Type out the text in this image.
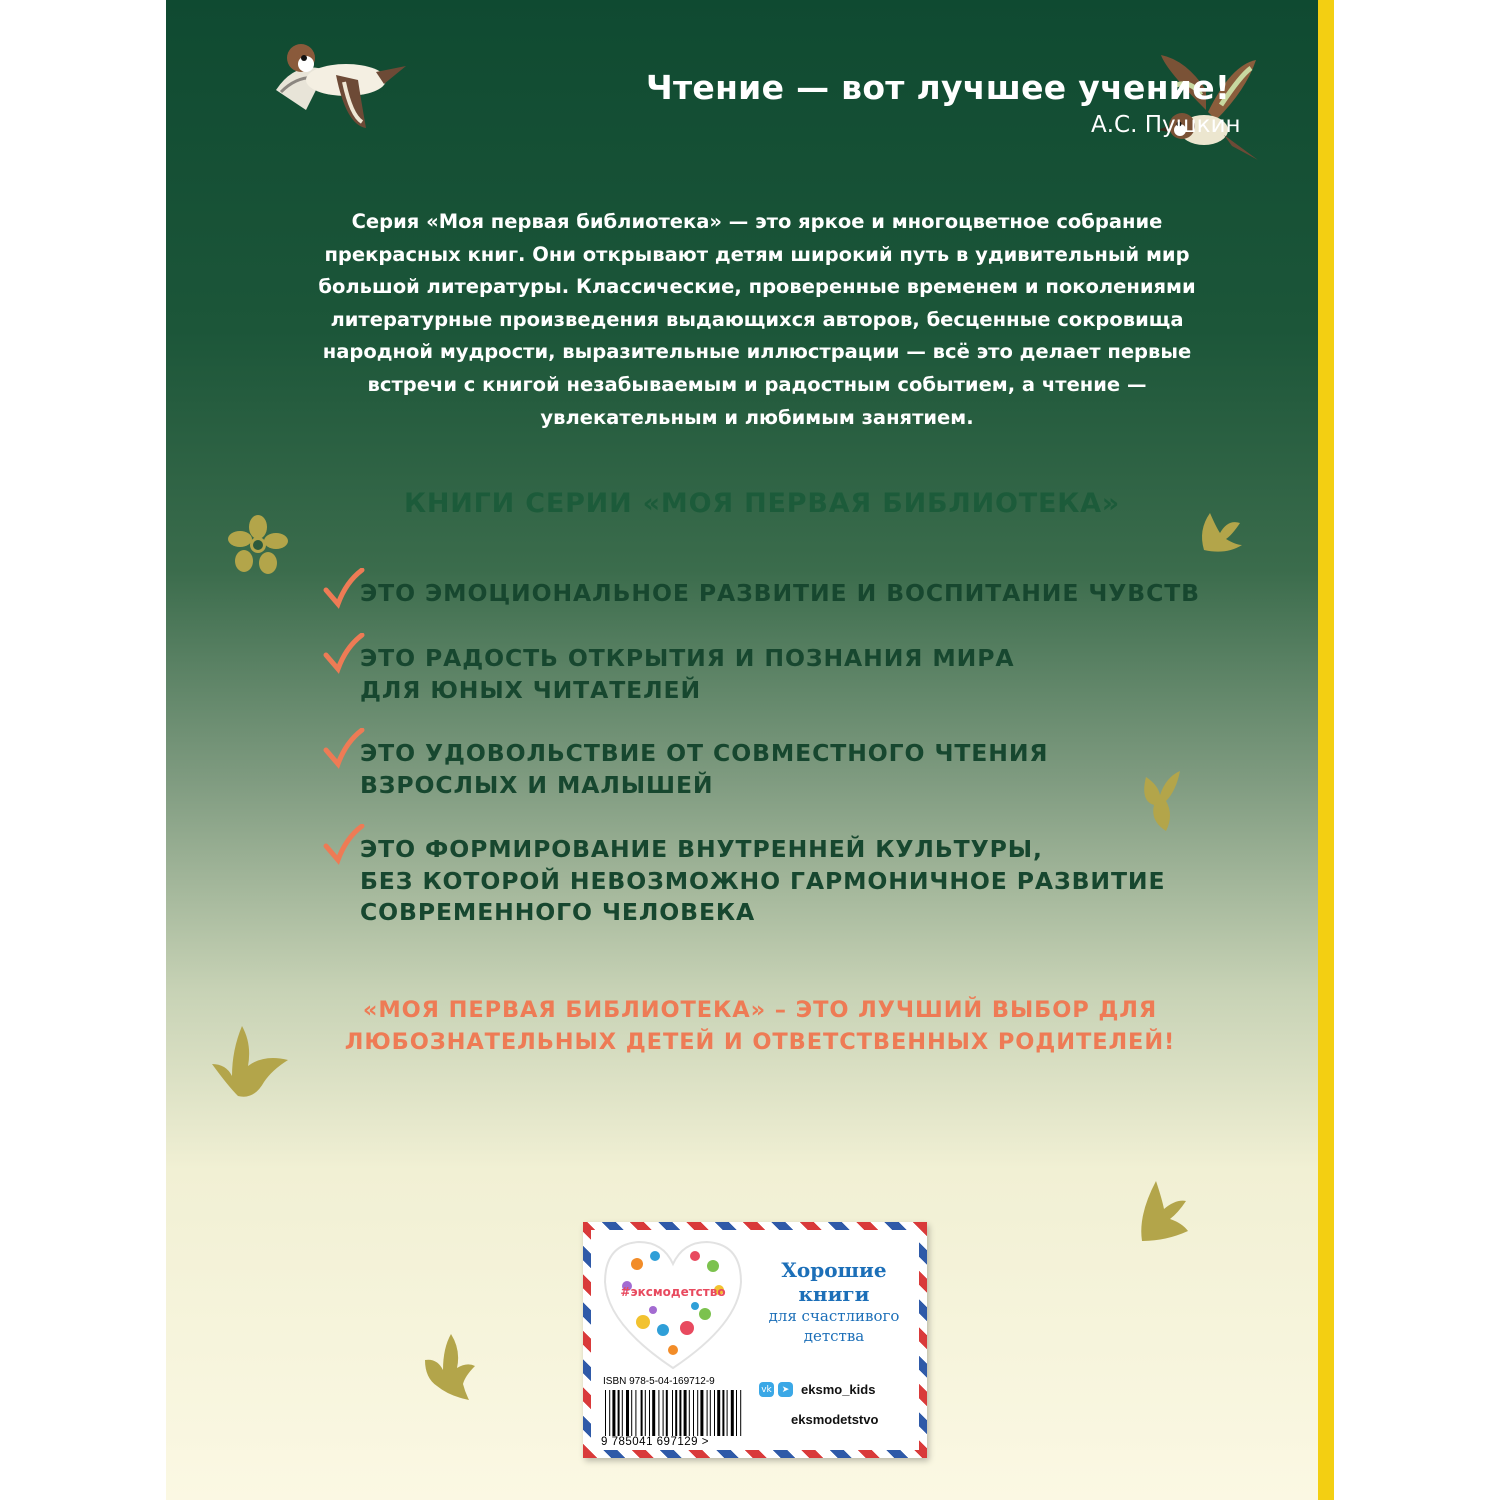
Чтение — вот лучшее учение!
А.С. Пушкин
Серия «Моя первая библиотека» — это яркое и многоцветное собрание прекрасных книг. Они открывают детям широкий путь в удивительный мир большой литературы. Классические, проверенные временем и поколениями литературные произведения выдающихся авторов, бесценные сокровища народной мудрости, выразительные иллюстрации — всё это делает первые встречи с книгой незабываемым и радостным событием, а чтение — увлекательным и любимым занятием.
КНИГИ СЕРИИ «МОЯ ПЕРВАЯ БИБЛИОТЕКА»
ЭТО ЭМОЦИОНАЛЬНОЕ РАЗВИТИЕ И ВОСПИТАНИЕ ЧУВСТВ
ЭТО РАДОСТЬ ОТКРЫТИЯ И ПОЗНАНИЯ МИРА
ДЛЯ ЮНЫХ ЧИТАТЕЛЕЙ
ЭТО УДОВОЛЬСТВИЕ ОТ СОВМЕСТНОГО ЧТЕНИЯ
ВЗРОСЛЫХ И МАЛЫШЕЙ
ЭТО ФОРМИРОВАНИЕ ВНУТРЕННЕЙ КУЛЬТУРЫ,
БЕЗ КОТОРОЙ НЕВОЗМОЖНО ГАРМОНИЧНОЕ РАЗВИТИЕ
СОВРЕМЕННОГО ЧЕЛОВЕКА
«МОЯ ПЕРВАЯ БИБЛИОТЕКА» – ЭТО ЛУЧШИЙ ВЫБОР ДЛЯ ЛЮБОЗНАТЕЛЬНЫХ ДЕТЕЙ И ОТВЕТСТВЕННЫХ РОДИТЕЛЕЙ!
#эксмодетство
Хорошие
книги
для счастливого
детства
ISBN 978-5-04-169712-9
9 785041 697129 >
vk	➤ eksmo_kids
eksmodetstvo
